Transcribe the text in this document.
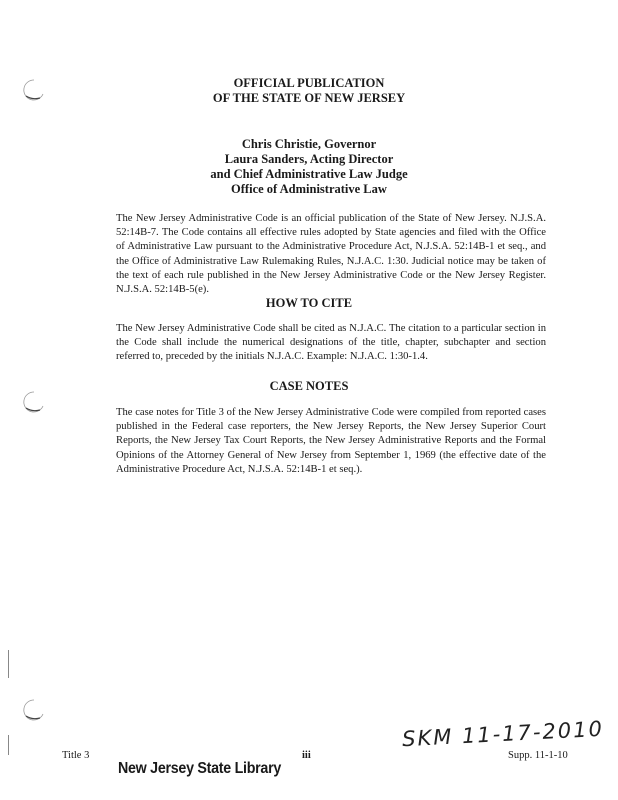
OFFICIAL PUBLICATION
OF THE STATE OF NEW JERSEY
Chris Christie, Governor
Laura Sanders, Acting Director
and Chief Administrative Law Judge
Office of Administrative Law
The New Jersey Administrative Code is an official publication of the State of New Jersey. N.J.S.A. 52:14B-7. The Code contains all effective rules adopted by State agencies and filed with the Office of Administrative Law pursuant to the Administrative Procedure Act, N.J.S.A. 52:14B-1 et seq., and the Office of Administrative Law Rulemaking Rules, N.J.A.C. 1:30. Judicial notice may be taken of the text of each rule published in the New Jersey Administrative Code or the New Jersey Register. N.J.S.A. 52:14B-5(e).
HOW TO CITE
The New Jersey Administrative Code shall be cited as N.J.A.C. The citation to a particular section in the Code shall include the numerical designations of the title, chapter, subchapter and section referred to, preceded by the initials N.J.A.C. Example: N.J.A.C. 1:30-1.4.
CASE NOTES
The case notes for Title 3 of the New Jersey Administrative Code were compiled from reported cases published in the Federal case reporters, the New Jersey Reports, the New Jersey Superior Court Reports, the New Jersey Tax Court Reports, the New Jersey Administrative Reports and the Formal Opinions of the Attorney General of New Jersey from September 1, 1969 (the effective date of the Administrative Procedure Act, N.J.S.A. 52:14B-1 et seq.).
SKM 11-17-2010
Title 3	iii	Supp. 11-1-10
New Jersey State Library
